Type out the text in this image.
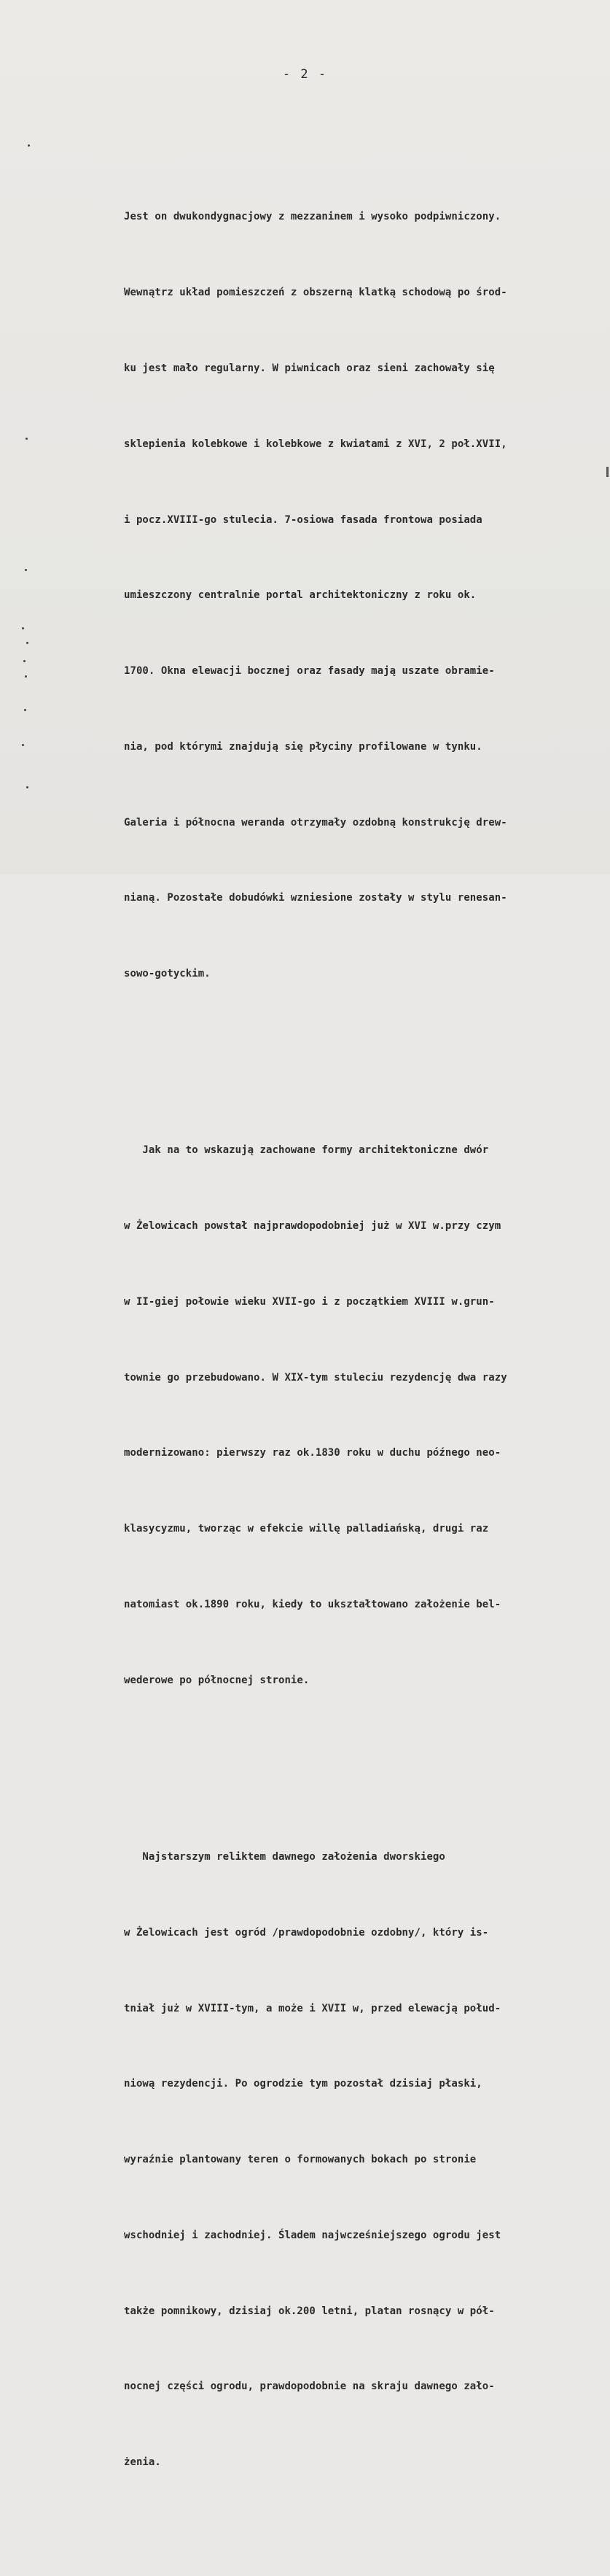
- 2 -

Jest on dwukondygnacjowy z mezzaninem i wysoko podpiwniczony.

Wewnątrz układ pomieszczeń z obszerną klatką schodową po środ-

ku jest mało regularny. W piwnicach oraz sieni zachowały się

sklepienia kolebkowe i kolebkowe z kwiatami z XVI, 2 poł.XVII,

i pocz.XVIII-go stulecia. 7-osiowa fasada frontowa posiada

umieszczony centralnie portal architektoniczny z roku ok.

1700. Okna elewacji bocznej oraz fasady mają uszate obramie-

nia, pod którymi znajdują się płyciny profilowane w tynku.

Galeria i północna weranda otrzymały ozdobną konstrukcję drew-

nianą. Pozostałe dobudówki wzniesione zostały w stylu renesan-

sowo-gotyckim.

Jak na to wskazują zachowane formy architektoniczne dwór

w Żelowicach powstał najprawdopodobniej już w XVI w.przy czym

w II-giej połowie wieku XVII-go i z początkiem XVIII w.grun-

townie go przebudowano. W XIX-tym stuleciu rezydencję dwa razy

modernizowano: pierwszy raz ok.1830 roku w duchu późnego neo-

klasycyzmu, tworząc w efekcie willę palladiańską, drugi raz

natomiast ok.1890 roku, kiedy to ukształtowano założenie bel-

wederowe po północnej stronie.

Najstarszym reliktem dawnego założenia dworskiego

w Żelowicach jest ogród /prawdopodobnie ozdobny/, który is-

tniał już w XVIII-tym, a może i XVII w, przed elewacją połud-

niową rezydencji. Po ogrodzie tym pozostał dzisiaj płaski,

wyraźnie plantowany teren o formowanych bokach po stronie

wschodniej i zachodniej. Śladem najwcześniejszego ogrodu jest

także pomnikowy, dzisiaj ok.200 letni, platan rosnący w pół-

nocnej części ogrodu, prawdopodobnie na skraju dawnego zało-

żenia.
